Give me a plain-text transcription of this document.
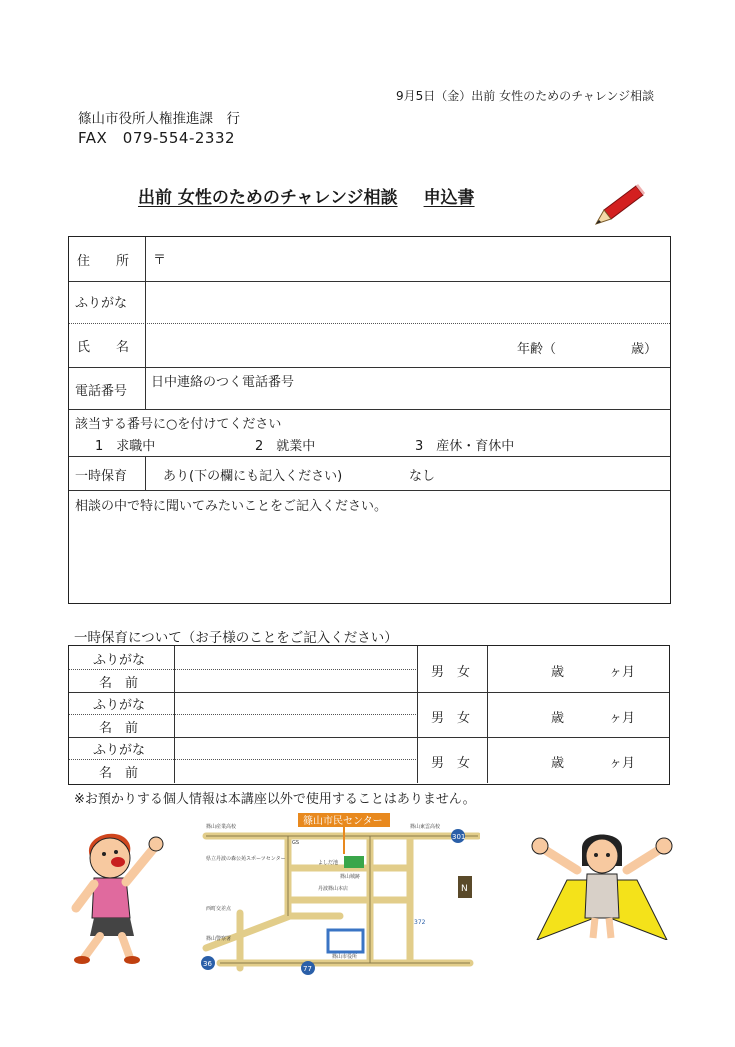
9月5日（金）出前 女性のためのチャレンジ相談
篠山市役所人権推進課　行
FAX　079-554-2332
出前 女性のためのチャレンジ相談 申込書
住　　所 〒
ふりがな
氏　　名	年齢（	歳）
電話番号
日中連絡のつく電話番号
該当する番号に○を付けてください
1　求職中	2　就業中	3　産休・育休中
一時保育	あり(下の欄にも記入ください)	なし
相談の中で特に聞いてみたいことをご記入ください。
一時保育について（お子様のことをご記入ください）
ふりがな
名　前
男　女	歳	ヶ月
ふりがな
名　前
男　女	歳	ヶ月
ふりがな
名　前
男　女	歳	ヶ月
※お預かりする個人情報は本講座以外で使用することはありません。
篠山市民センター
篠山産業高校	篠山東雲高校
GS
県立丹波の森公苑スポーツセンター
よしだ池
西町交差点
篠山警察署
篠山市役所
丹波篠山本店
篠山城跡
301
36
77
372
N
